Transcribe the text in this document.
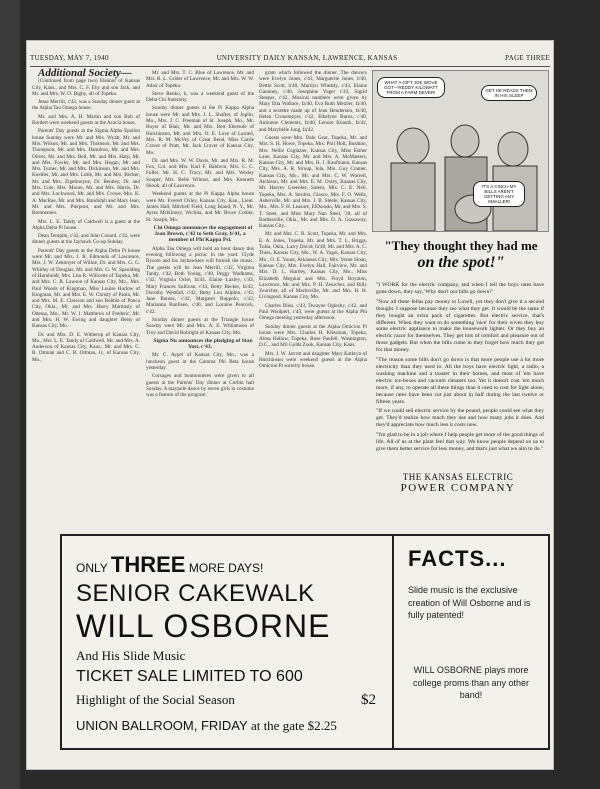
TUESDAY, MAY 7, 1940	UNIVERSITY DAILY KANSAN, LAWRENCE, KANSAS	PAGE THREE

Additional Society—

(Continued from page two) Eleanor of Kansas City, Kans., and Mrs. C. F. Eby and son Jack, and Mr. and Mrs. W. O. Bigby, all of Topeka.

Jesse Merrill, c'42, was a Sunday dinner guest at the Alpha Tau Omega house.

Mr. and Mrs. A. H. Martin and son Bob of Bordert were weekend guests at the Acacia house.

Parents' Day guests at the Sigma Alpha Epsilon house Sunday were Mr. and Mrs. Wyatt, Mr. and Mrs. Wilson, Mr. and Mrs. Thomson, Mr. and Mrs. Thompson, Mr. and Mrs. Hamilton, Mr. and Mrs. Oliver, Mr. and Mrs. Bell, Mr. and Mrs. Harp, Mr. and Mrs. Fowler, Mr. and Mrs. Hogan, Mr. and Mrs. Turner, Mr. and Mrs. Dickinson, Mr. and Mrs. Koehler, Mr. and Mrs. Little, Mr. and Mrs. Becker, Mr. and Mrs. Zigelmoyne, Dr. Bentley, Dr. and Mrs. Cole, Mrs. Moore, Mr. and Mrs. Harris, Dr. and Mrs. Lockwood, Mr. and Mrs. Crowe, Mrs. K. A. MacRae, Mr. and Mrs. Randolph and Mary Jean, Mr. and Mrs. Pierpont, and Mr. and Mrs. Brennemen.

Mrs. L. E. Tandy of Caldwell is a guest at the Alpha Delta Pi house.

Dean Templin, c'42, and John Conard, c'42, were dinner guests at the Jayhawk Co-op Sunday.

Parents' Day guests at the Alpha Delta Pi house were Mr. and Mrs. J. R. Edmonds of Lawrence, Mrs. J. W. Zentmyer of Wilkie, Dr. and Mrs. G. G. Whitley of Douglas, Mr. and Mrs. G. W. Spaulding of Humboldt, Mrs. Lita R. Willcotts of Topeka, Mr. and Mrs. C. R. Lawson of Kansas City, Mo., Mrs. Paul Woods of Kingman, Miss Louise Harlow of Kingman, Mr. and Mrs. E. W. Christy of Paola, Mr. and Mrs. M. E. Clawson and son Bobbie of Ponca City, Okla., Mr. and Mrs. Harry Martinsly of Odessa, Mo., Mr. W. I. Matthews of Frederic, Mr. and Mrs. H. W. Ewing and daughter Betsy of Kansas City, Mo.

Dr. and Mrs. D. E. Witherup of Kansas City, Mo., Mrs. L. E. Tandy of Caldwell, Mr. and Mrs. A. Anderson of Kansas City, Kans., Mr. and Mrs. C. R. Ottman and C. R. Ottman, Jr., of Kansas City, Mo.,

Mr. and Mrs. T. C. Blue of Lawrence, Mr. and Mrs. R. L. Grider of Lawrence, Mr. and Mrs. W. W. Adair of Topeka.

Steve Renko, b, was a weekend guest of the Delta Chi fraternity.

Sunday dinner guests at the Pi Kappa Alpha house were Mr. and Mrs. J. L. Shafter, of Joplin, Mo., Mrs. J. C. Freeman of St. Joseph, Mo., Mr. Royer of Blair, Mr. and Mrs. Bert Ebersole of Hutchinson, Mr. and Mrs. O. E. Love of Larned, Mrs. R. M. McVey of Great Bend, Miss Carrie Craver of Pratt, Mr. Jack Craver of Kansas City, Mo.

Dr. and Mrs. W. W. Davis, Mr. and Mrs. R. M. Fox, Col. and Mrs. Karl F. Baldwin, Mrs. C. C. Fuller, Mr. H. C. Tracy, Mr. and Mrs. Wesley Souper, Mrs. Belle Wilmot, and Mrs. Kenneth Shook, all of Lawrence.

Weekend guests at the Pi Kappa Alpha house were Mr. Everett Oxley, Kansas City, Kan., Lieut. James Hall, Mitchell Field, Long Island, N. Y., Mr. Ayres McKinney, Wichita, and Mr. Bruce Cottier, St. Joseph, Mo.

Chi Omega announces the engagement of Jean Brown, c'42 to Seth Gray, b'41, a member of Phi Kappa Psi.

Alpha Tau Omega will hold an hour dance this evening following a picnic in the yard. Clyde Bysom and his Jayhawkers will furnish the music. The guests will be Jean Merrill, c'42, Virginia Tandy, c'42, Beth Young, c'40, Peggy Wadhams, c'42, Virginia Oche, fa'43, Elaine Laxley, c'43, Mary Frances Sullivan, c'43, Betty Becker, fa'43, Dorothy Westfall, c'42, Betty Lou Allphin, c'43, Jane Barnes, c'42, Margaret Ruppolo, c'43, Marianna Banfisen, c'40, and Loraine Peacock, c'42.

Sunday dinner guests at the Triangle house Sunday were Mr. and Mrs. A. E. Williamson of Troy and David Bobright of Kansas City, Mo.

Sigma Nu announces the pledging of Stan Yost, c'43.

Mr. C. Aypel of Kansas City, Mo., was a luncheon guest at the Gamma Phi Beta house yesterday.

Corsages and boutonnieres were given to all guests at the Parents' Day dinner at Corbin hall Sunday. A maypole dance by seven girls in costume was a feature of the program

gram which followed the dinner. The dancers were Evelyn Jones, c'43, Marguerite Jones, b'40, Bettie Scott, b'40, Marilyn Wheatly, c'43, Elaine Gaunney, c'40, Josephine Yoger c'43, Sigrid Steeper, c'42, Musical numbers were given by Mary Etta Wallace, fa'40, Eva Ruth Metzler, fa'40, and a sextette made up of Jean Henderson, fa'40, Helen Cronemeyer, c'42, Ethelyne Burns, c'40, Antionne Clements, fa'40, Lenore Knauth, fa'42, and Marybelle Jung, fa'42.

Guests were Mrs. Dale Gear, Topeka, Mr. and Mrs. S. H. Howe, Topeka, Mrs. Phil Holt, Bushton, Mrs. Nellie Coglazier, Kansas City, Miss Esther Lane, Kansas City, Mr. and Mrs. A. McMasters, Kansas City, Mr. and Mrs. H. J. Kaufmann, Kansas City, Mrs. A. R. Stroup, Iola, Mrs. Guy Cramer, Kansas City, Mo., Mr. and Mrs. C. W. Worrell, Atchison, Mr. and Mrs. E. M. Oxley, Kansas City, Mr. Harvey Greenlee, Salem, Mrs. C. E. Nell, Topeka, Mrs. A. Strubin, Glasco, Mrs. F. O. Wells, Asherville, Mr. and Mrs. J. B. Steele, Kansas City, Mo., Mrs. F. H. Leasure, ElDorado, Mr. and Mrs. S. T. Steel, and Miss Mary Nan Steel, '28, all of Bartlesville, Okla., Mr. and Mrs. O. A. Gossaway, Kansas City.

Mr. and Mrs. C. B. Scott, Topeka, Mr. and Mrs. E. A. Jones, Topeka, Mr. and Mrs. T. L. Briggs, Tulsa, Okla., Larry David, fa'40, Mr. and Mrs. A. C. Thies, Kansas City, Mo., W. A. Yager, Kansas City, Mo., O. E. Yount, Arkansas City, Mrs. Verne Sloan, Kansas City, Mrs. Evelyn Hall, Fairview, Mr. and Mrs. D. L. Hartley, Kansas City, Mo., Miss Elizabeth Meguiar and Mrs. Floyd Boynton, Lawrence, Mr. and Mrs. P. H. Zeurcher, and Billy Zeurcher, all of Macksville, Mr. and Mrs. H. H. Livingood, Kansas City, Mo.

Charles Bliss, c'43, Dwayne Oglesby, c'42, and Paul Woolpert, c'43, were guests at the Alpha Phi Omega meeting yesterday afternoon.

Sunday dinner guests at the Alpha Omicron Pi house were Mrs. Charles H. Kliesman, Topeka, Alma Hallow, Topeka, Rose Paufell, Washington, D.C., and Mil Golds Zook, Kansas City, Kans.

Mrs. J. W. Jarrott and daughter Mary Kathryn of Hutchinson were weekend guests at the Alpha Omicron Pi sorority house.

WHAT A GIFT JOE WOVE GOT—REDDY KILOWATT FROM A FARM DEVER!	GET HE READS THEM IN HIS SLEEP
IT'S A CINCH MY BILLS AREN'T GETTING ANY SMALLER!
"They thought they had me
on the spot!"

"I WORK for the electric company, and when I tell the boys rates have gone down, they say, 'Why don't our bills go down?'

"Now all these fellas pay money to Lovell, yet they don't give it a second thought. I suppose because they see what they get. It would be the same if they bought an extra pack of cigarettes. But electric service, that's different. When they want to do something 'nice' for their wives they buy some electric appliance to make the housework lighter. Or they buy an electric razor for themselves. They get lots of comfort and pleasure out of those gadgets. But when the bills come in they forget how much they got for that money.

"The reason some bills don't go down is that more people use a lot more electricity than they used to. All the boys have electric light, a radio, a washing machine and a toaster in their homes, and most of 'em have electric ice-boxes and vacuum cleaners too. Yet it doesn't cost 'em much more, if any, to operate all these things than it used to cost for light alone, because rates have been cut just about in half during the last twelve or fifteen years.

"If we could sell electric service by the pound, people could see what they get. They'd realize how much they use and how many jobs it does. And they'd appreciate how much less it costs now.

"I'm glad to be in a job where I help people get more of the good things of life. All of us at the plant feel that way. We know people depend on us to give them better service for less money, and that's just what we aim to do."

THE KANSAS ELECTRIC
POWER COMPANY
ONLY THREE MORE DAYS!
SENIOR CAKEWALK
WILL OSBORNE
And His Slide Music
TICKET SALE LIMITED TO 600
Highlight of the Social Season	$2
UNION BALLROOM, FRIDAY at the gate $2.25
FACTS...
Slide music is the exclusive creation of Will Osborne and is fully patented!
WILL OSBORNE plays more college proms than any other band!
